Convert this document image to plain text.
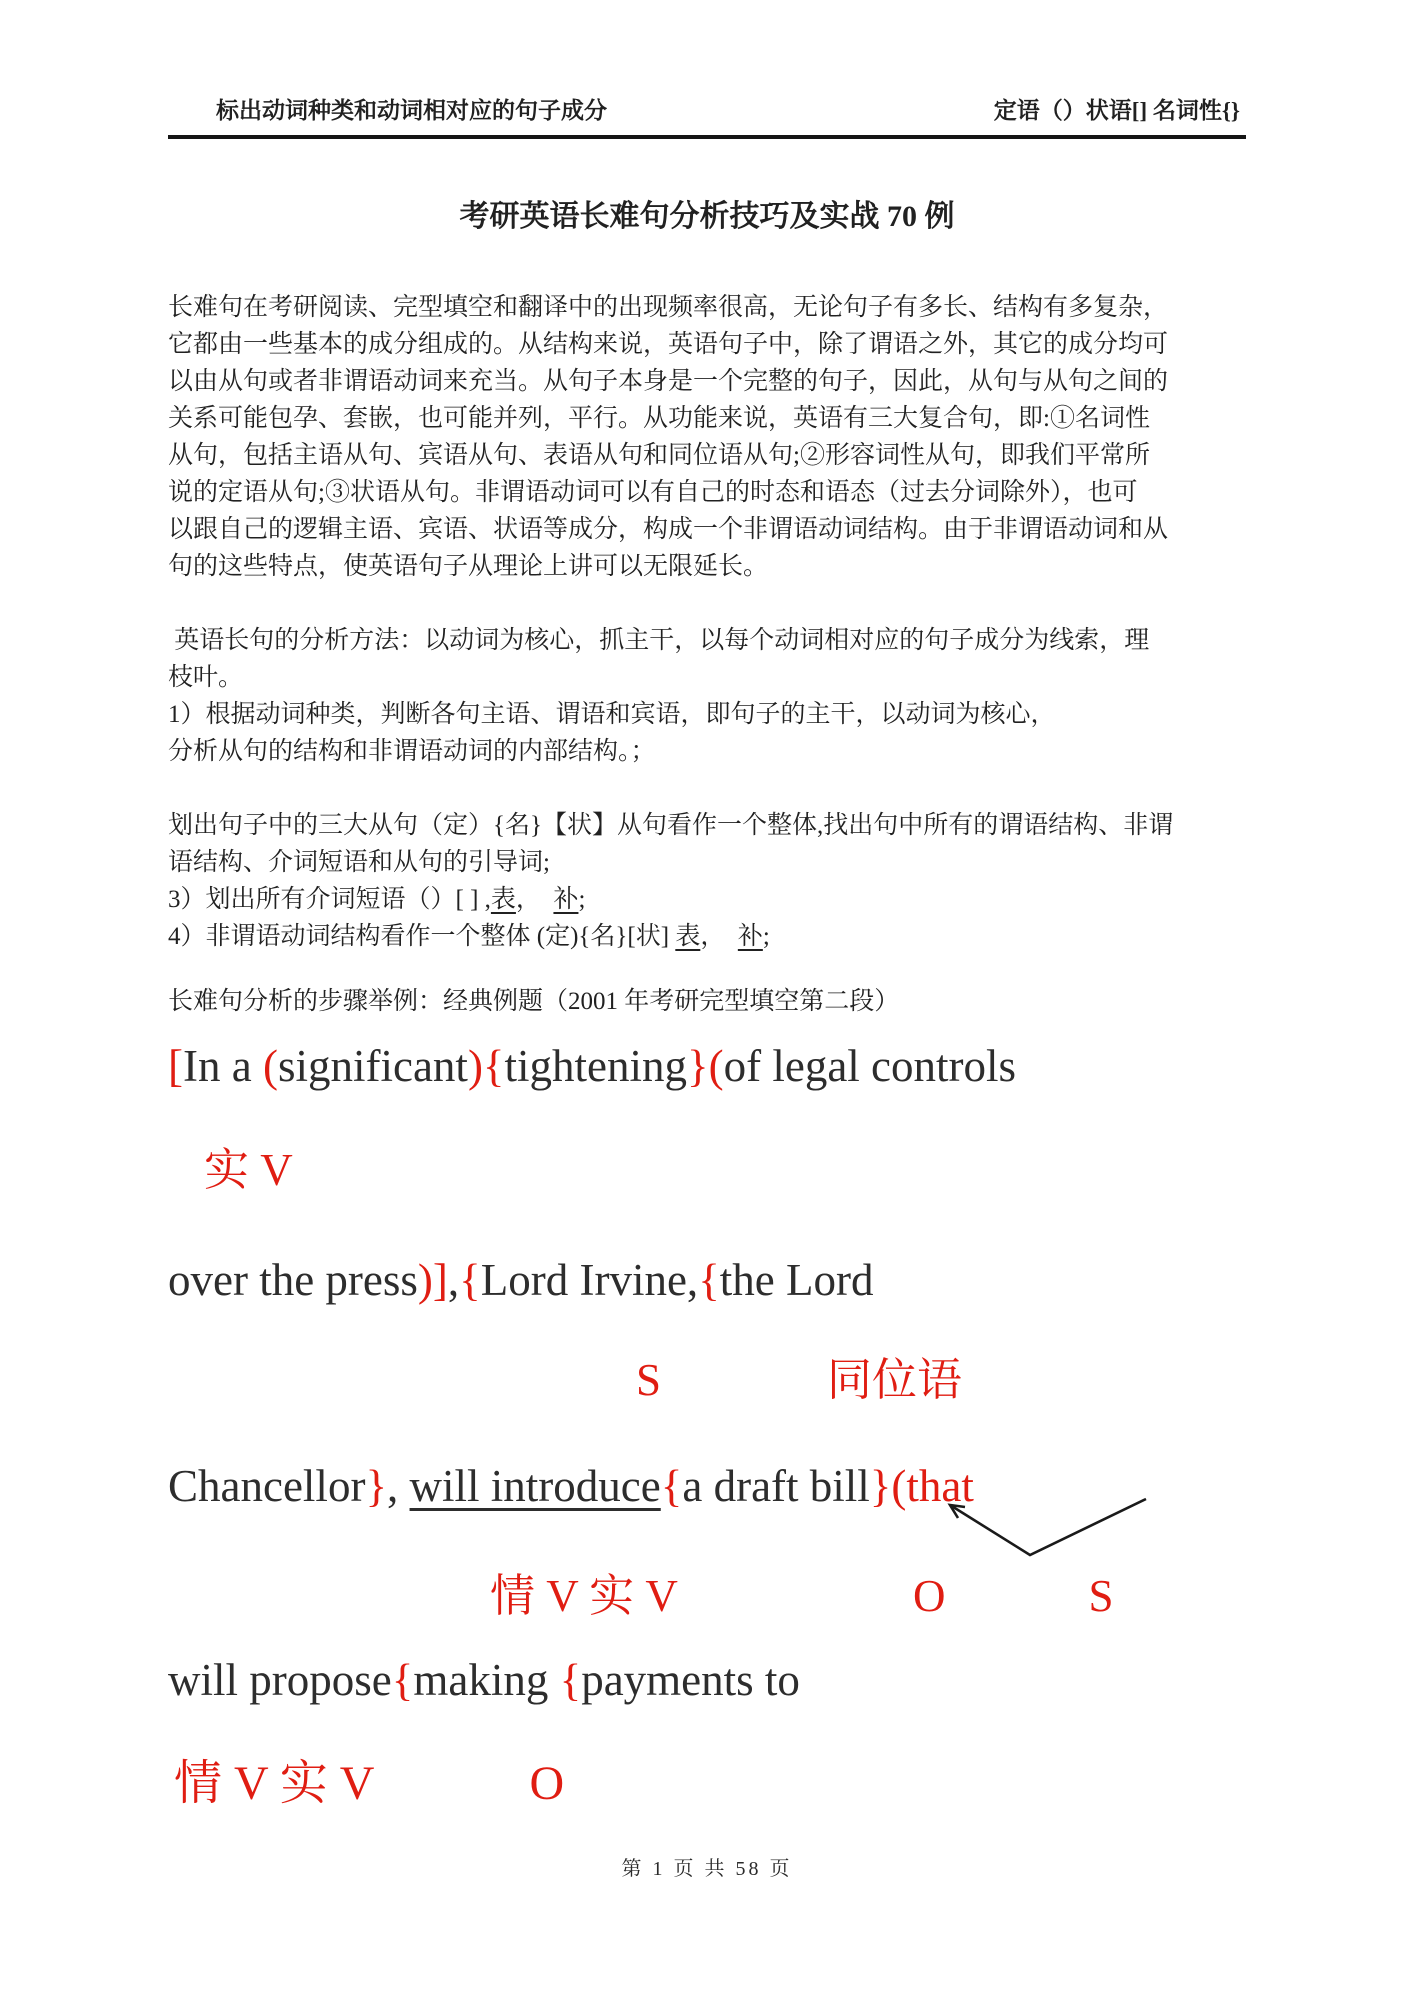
标出动词种类和动词相对应的句子成分	定语（）状语[] 名词性{}
考研英语长难句分析技巧及实战 70 例
长难句在考研阅读、完型填空和翻译中的出现频率很高，无论句子有多长、结构有多复杂，
它都由一些基本的成分组成的。从结构来说，英语句子中，除了谓语之外，其它的成分均可
以由从句或者非谓语动词来充当。从句子本身是一个完整的句子，因此，从句与从句之间的
关系可能包孕、套嵌，也可能并列，平行。从功能来说，英语有三大复合句，即:①名词性
从句，包括主语从句、宾语从句、表语从句和同位语从句;②形容词性从句，即我们平常所
说的定语从句;③状语从句。非谓语动词可以有自己的时态和语态（过去分词除外），也可
以跟自己的逻辑主语、宾语、状语等成分，构成一个非谓语动词结构。由于非谓语动词和从
句的这些特点，使英语句子从理论上讲可以无限延长。
英语长句的分析方法：以动词为核心，抓主干，以每个动词相对应的句子成分为线索，理
枝叶。
1）根据动词种类，判断各句主语、谓语和宾语，即句子的主干，以动词为核心，
分析从句的结构和非谓语动词的内部结构。；
划出句子中的三大从句（定）{名}【状】从句看作一个整体,找出句中所有的谓语结构、非谓
语结构、介词短语和从句的引导词;
3）划出所有介词短语（）[ ] ,表，  补;
4）非谓语动词结构看作一个整体 (定){名}[状] 表，  补;
长难句分析的步骤举例：经典例题（2001 年考研完型填空第二段）
[In a (significant){tightening}(of legal controls
实 V
over the press)],{Lord Irvine,{the Lord
S	同位语
Chancellor}, will introduce{a draft bill}(that
情 V 实 V	O	S
will propose{making {payments to
情 V 实 V	O
第 1 页 共 58 页
